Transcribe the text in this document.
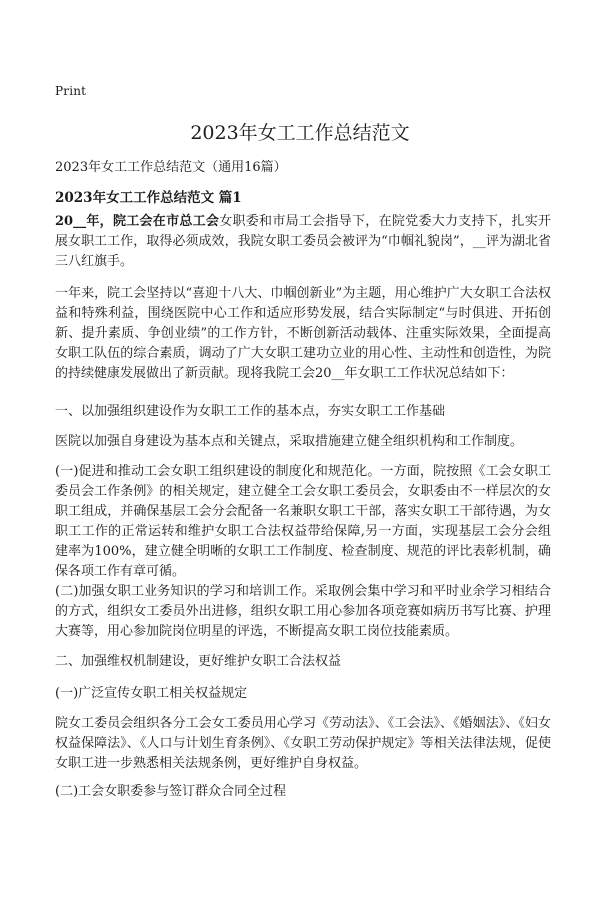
Print
2023年女工工作总结范文
2023年女工工作总结范文（通用16篇）
2023年女工工作总结范文 篇1

20__年，院工会在市总工会女职委和市局工会指导下，在院党委大力支持下，扎实开展女职工工作，取得必须成效，我院女职工委员会被评为“巾帼礼貌岗”，__评为湖北省三八红旗手。

一年来，院工会坚持以“喜迎十八大、巾帼创新业”为主题，用心维护广大女职工合法权益和特殊利益，围绕医院中心工作和适应形势发展，结合实际制定“与时俱进、开拓创新、提升素质、争创业绩”的工作方针，不断创新活动载体、注重实际效果，全面提高女职工队伍的综合素质，调动了广大女职工建功立业的用心性、主动性和创造性，为院的持续健康发展做出了新贡献。现将我院工会20__年女职工工作状况总结如下：

一、以加强组织建设作为女职工工作的基本点，夯实女职工工作基础

医院以加强自身建设为基本点和关键点，采取措施建立健全组织机构和工作制度。

(一)促进和推动工会女职工组织建设的制度化和规范化。一方面，院按照《工会女职工委员会工作条例》的相关规定，建立健全工会女职工委员会，女职委由不一样层次的女职工组成，并确保基层工会分会配备一名兼职女职工干部，落实女职工干部待遇，为女职工工作的正常运转和维护女职工合法权益带给保障,另一方面，实现基层工会分会组建率为100%，建立健全明晰的女职工工作制度、检查制度、规范的评比表彰机制，确保各项工作有章可循。

(二)加强女职工业务知识的学习和培训工作。采取例会集中学习和平时业余学习相结合的方式，组织女工委员外出进修，组织女职工用心参加各项竞赛如病历书写比赛、护理大赛等，用心参加院岗位明星的评选，不断提高女职工岗位技能素质。

二、加强维权机制建设，更好维护女职工合法权益

(一)广泛宣传女职工相关权益规定

院女工委员会组织各分工会女工委员用心学习《劳动法》、《工会法》、《婚姻法》、《妇女权益保障法》、《人口与计划生育条例》、《女职工劳动保护规定》等相关法律法规，促使女职工进一步熟悉相关法规条例，更好维护自身权益。

(二)工会女职委参与签订群众合同全过程
